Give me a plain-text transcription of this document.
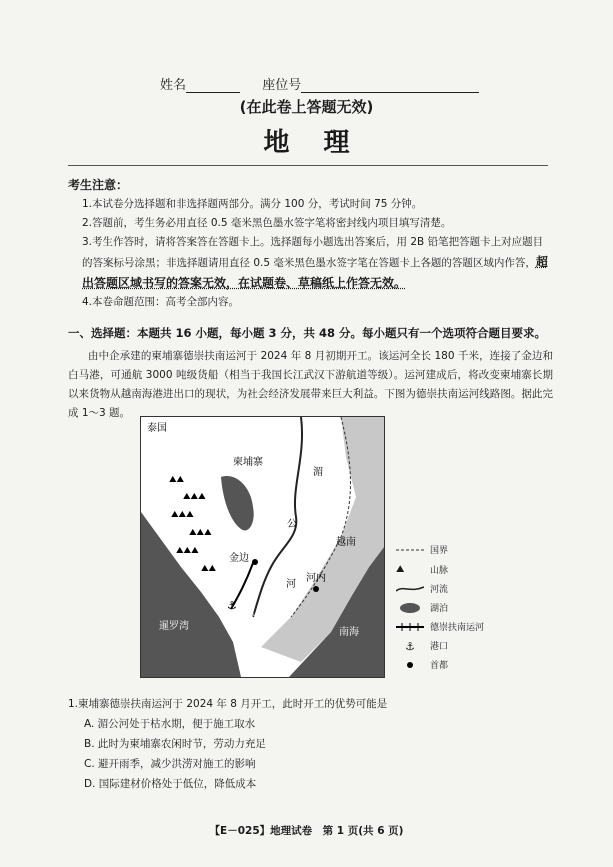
姓名	座位号
(在此卷上答题无效)
地理
考生注意：
1.本试卷分选择题和非选择题两部分。满分 100 分，考试时间 75 分钟。
2.答题前，考生务必用直径 0.5 毫米黑色墨水签字笔将密封线内项目填写清楚。
3.考生作答时，请将答案答在答题卡上。选择题每小题选出答案后，用 2B 铅笔把答题卡上对应题目的答案标号涂黑；非选择题请用直径 0.5 毫米黑色墨水签字笔在答题卡上各题的答题区域内作答，超出答题区域书写的答案无效，在试题卷、草稿纸上作答无效。
4.本卷命题范围：高考全部内容。
一、选择题：本题共 16 小题，每小题 3 分，共 48 分。每小题只有一个选项符合题目要求。
由中企承建的柬埔寨德崇扶南运河于 2024 年 8 月初期开工。该运河全长 180 千米，连接了金边和白马港，可通航 3000 吨级货船（相当于我国长江武汉下游航道等级）。运河建成后，将改变柬埔寨长期以来货物从越南海港进出口的现状，为社会经济发展带来巨大利益。下图为德崇扶南运河线路图。据此完成 1～3 题。
⛰⛰
⛰⛰⛰
⛰⛰⛰
⛰⛰⛰
⛰⛰⛰
⛰⛰
⚓
泰国
柬埔寨
湄
公
河
越南
金边
河内
白马港
暹罗湾
南海
国界
⛰	山脉
河流
湖泊
德崇扶南运河
⚓	港口
首都
1.柬埔寨德崇扶南运河于 2024 年 8 月开工，此时开工的优势可能是
A. 湄公河处于枯水期，便于施工取水
B. 此时为柬埔寨农闲时节，劳动力充足
C. 避开雨季，减少洪涝对施工的影响
D. 国际建材价格处于低位，降低成本
【E－025】地理试卷　第 1 页(共 6 页)
